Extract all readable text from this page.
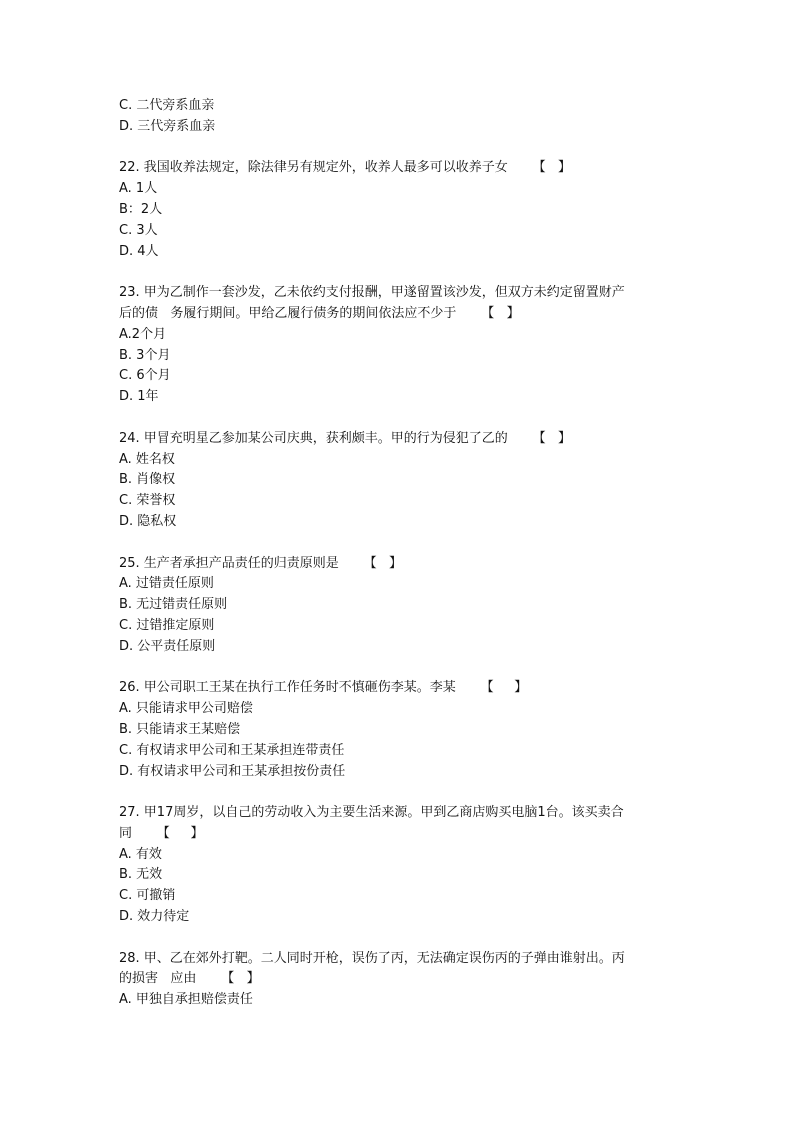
C. 二代旁系血亲
D. 三代旁系血亲
22. 我国收养法规定，除法律另有规定外，收养人最多可以收养子女      【   】
A. 1人
B：2人
C. 3人
D. 4人
23. 甲为乙制作一套沙发，乙未依约支付报酬，甲遂留置该沙发，但双方未约定留置财产
后的债   务履行期间。甲给乙履行债务的期间依法应不少于      【   】
A.2个月
B. 3个月
C. 6个月
D. 1年
24. 甲冒充明星乙参加某公司庆典，获利颇丰。甲的行为侵犯了乙的      【   】
A. 姓名权
B. 肖像权
C. 荣誉权
D. 隐私权
25. 生产者承担产品责任的归责原则是      【   】
A. 过错责任原则
B. 无过错责任原则
C. 过错推定原则
D. 公平责任原则
26. 甲公司职工王某在执行工作任务时不慎砸伤李某。李某      【     】
A. 只能请求甲公司赔偿
B. 只能请求王某赔偿
C. 有权请求甲公司和王某承担连带责任
D. 有权请求甲公司和王某承担按份责任
27. 甲17周岁，以自己的劳动收入为主要生活来源。甲到乙商店购买电脑1台。该买卖合
同      【     】
A. 有效
B. 无效
C. 可撤销
D. 效力待定
28. 甲、乙在郊外打靶。二人同时开枪，误伤了丙，无法确定误伤丙的子弹由谁射出。丙
的损害   应由      【   】
A. 甲独自承担赔偿责任
